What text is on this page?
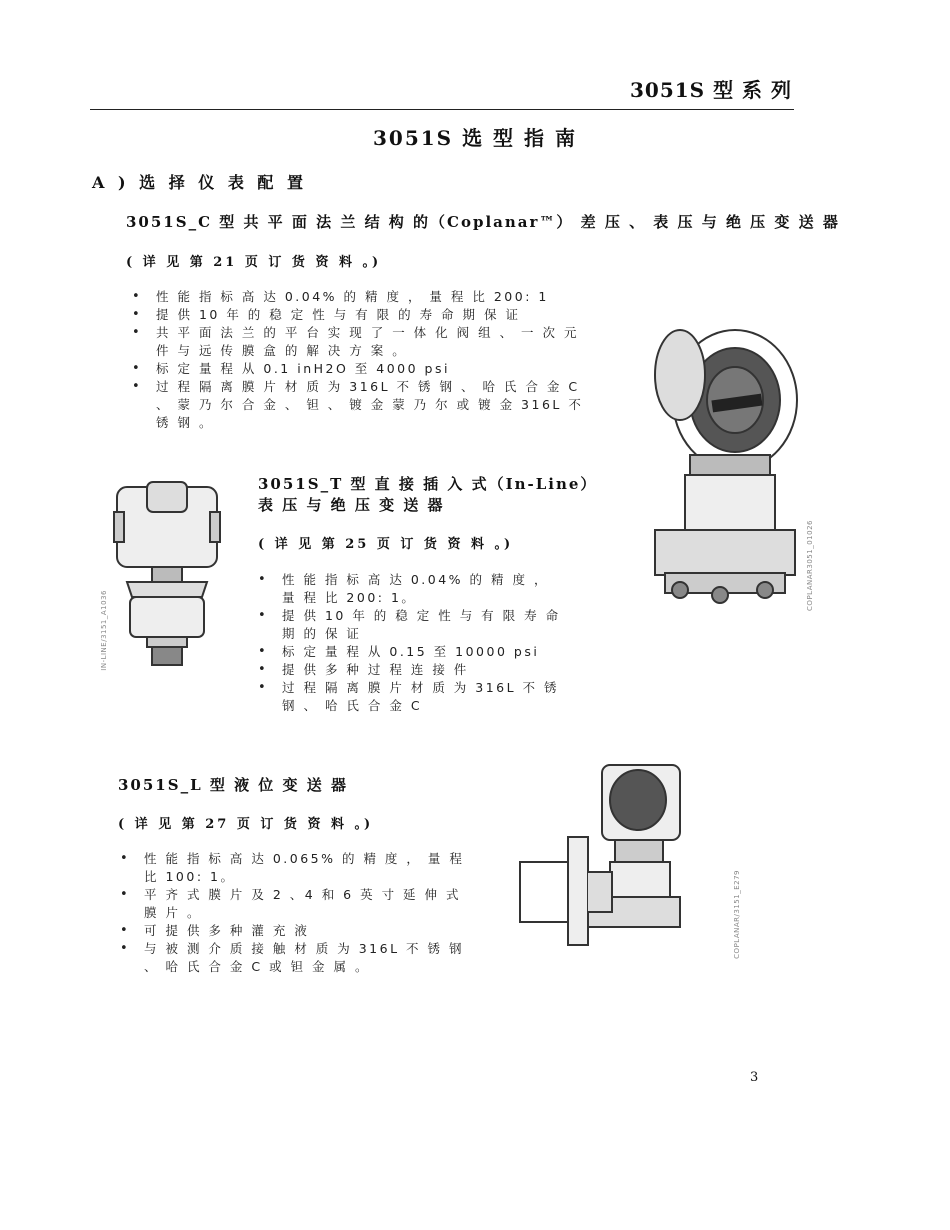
3051S 型 系 列
3051S 选 型 指 南
A ) 选 择 仪 表 配 置
3051S_C 型 共 平 面 法 兰 结 构 的（Coplanar™） 差 压 、 表 压 与 绝 压 变 送 器
( 详 见 第 21 页 订 货 资 料 。)
• 性 能 指 标 高 达 0.04% 的 精 度 ， 量 程 比 200: 1
• 提 供 10 年 的 稳 定 性 与 有 限 的 寿 命 期 保 证
• 共 平 面 法 兰 的 平 台 实 现 了 一 体 化 阀 组 、 一 次 元 件 与 远 传 膜 盒 的 解 决 方 案 。
• 标 定 量 程 从 0.1 inH2O 至 4000 psi
• 过 程 隔 离 膜 片 材 质 为 316L 不 锈 钢 、 哈 氏 合 金 C 、 蒙 乃 尔 合 金 、 钽 、 镀 金 蒙 乃 尔 或 镀 金 316L 不 锈 钢 。
COPLANAR3051_01026
IN-LINE/3151_A1036
3051S_T 型 直 接 插 入 式（In-Line）
表 压 与 绝 压 变 送 器
( 详 见 第 25 页 订 货 资 料 。)
• 性 能 指 标 高 达 0.04% 的 精 度 ， 量 程 比 200: 1。
• 提 供 10 年 的 稳 定 性 与 有 限 寿 命 期 的 保 证
• 标 定 量 程 从 0.15 至 10000 psi
• 提 供 多 种 过 程 连 接 件
• 过 程 隔 离 膜 片 材 质 为 316L 不 锈 钢 、 哈 氏 合 金 C
3051S_L 型 液 位 变 送 器
( 详 见 第 27 页 订 货 资 料 。)
• 性 能 指 标 高 达 0.065% 的 精 度 ， 量 程 比 100: 1。
• 平 齐 式 膜 片 及 2 、4 和 6 英 寸 延 伸 式 膜 片 。
• 可 提 供 多 种 灌 充 液
• 与 被 测 介 质 接 触 材 质 为 316L 不 锈 钢 、 哈 氏 合 金 C 或 钽 金 属 。
COPLANAR/3151_E279
3
